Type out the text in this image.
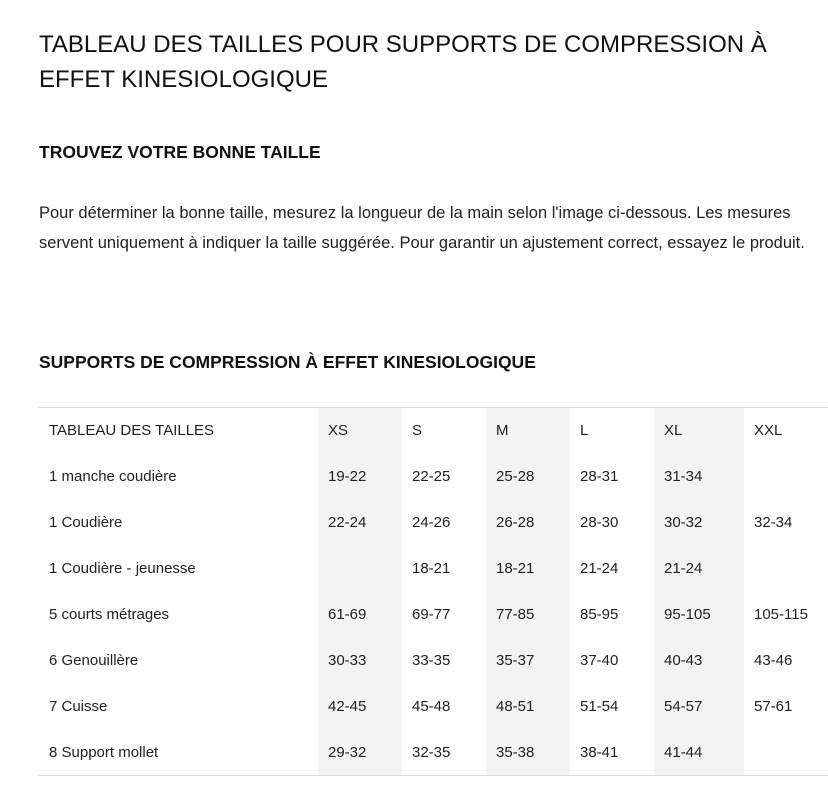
TABLEAU DES TAILLES POUR SUPPORTS DE COMPRESSION À EFFET KINESIOLOGIQUE
TROUVEZ VOTRE BONNE TAILLE

Pour déterminer la bonne taille, mesurez la longueur de la main selon l'image ci-dessous. Les mesures servent uniquement à indiquer la taille suggérée. Pour garantir un ajustement correct, essayez le produit.

SUPPORTS DE COMPRESSION À EFFET KINESIOLOGIQUE
TABLEAU DES TAILLES	XS	S	M	L	XL	XXL
1 manche coudière	19-22	22-25	25-28	28-31	31-34	
1 Coudière	22-24	24-26	26-28	28-30	30-32	32-34
1 Coudière - jeunesse		18-21	18-21	21-24	21-24	
5 courts métrages	61-69	69-77	77-85	85-95	95-105	105-115
6 Genouillère	30-33	33-35	35-37	37-40	40-43	43-46
7 Cuisse	42-45	45-48	48-51	51-54	54-57	57-61
8 Support mollet	29-32	32-35	35-38	38-41	41-44	
